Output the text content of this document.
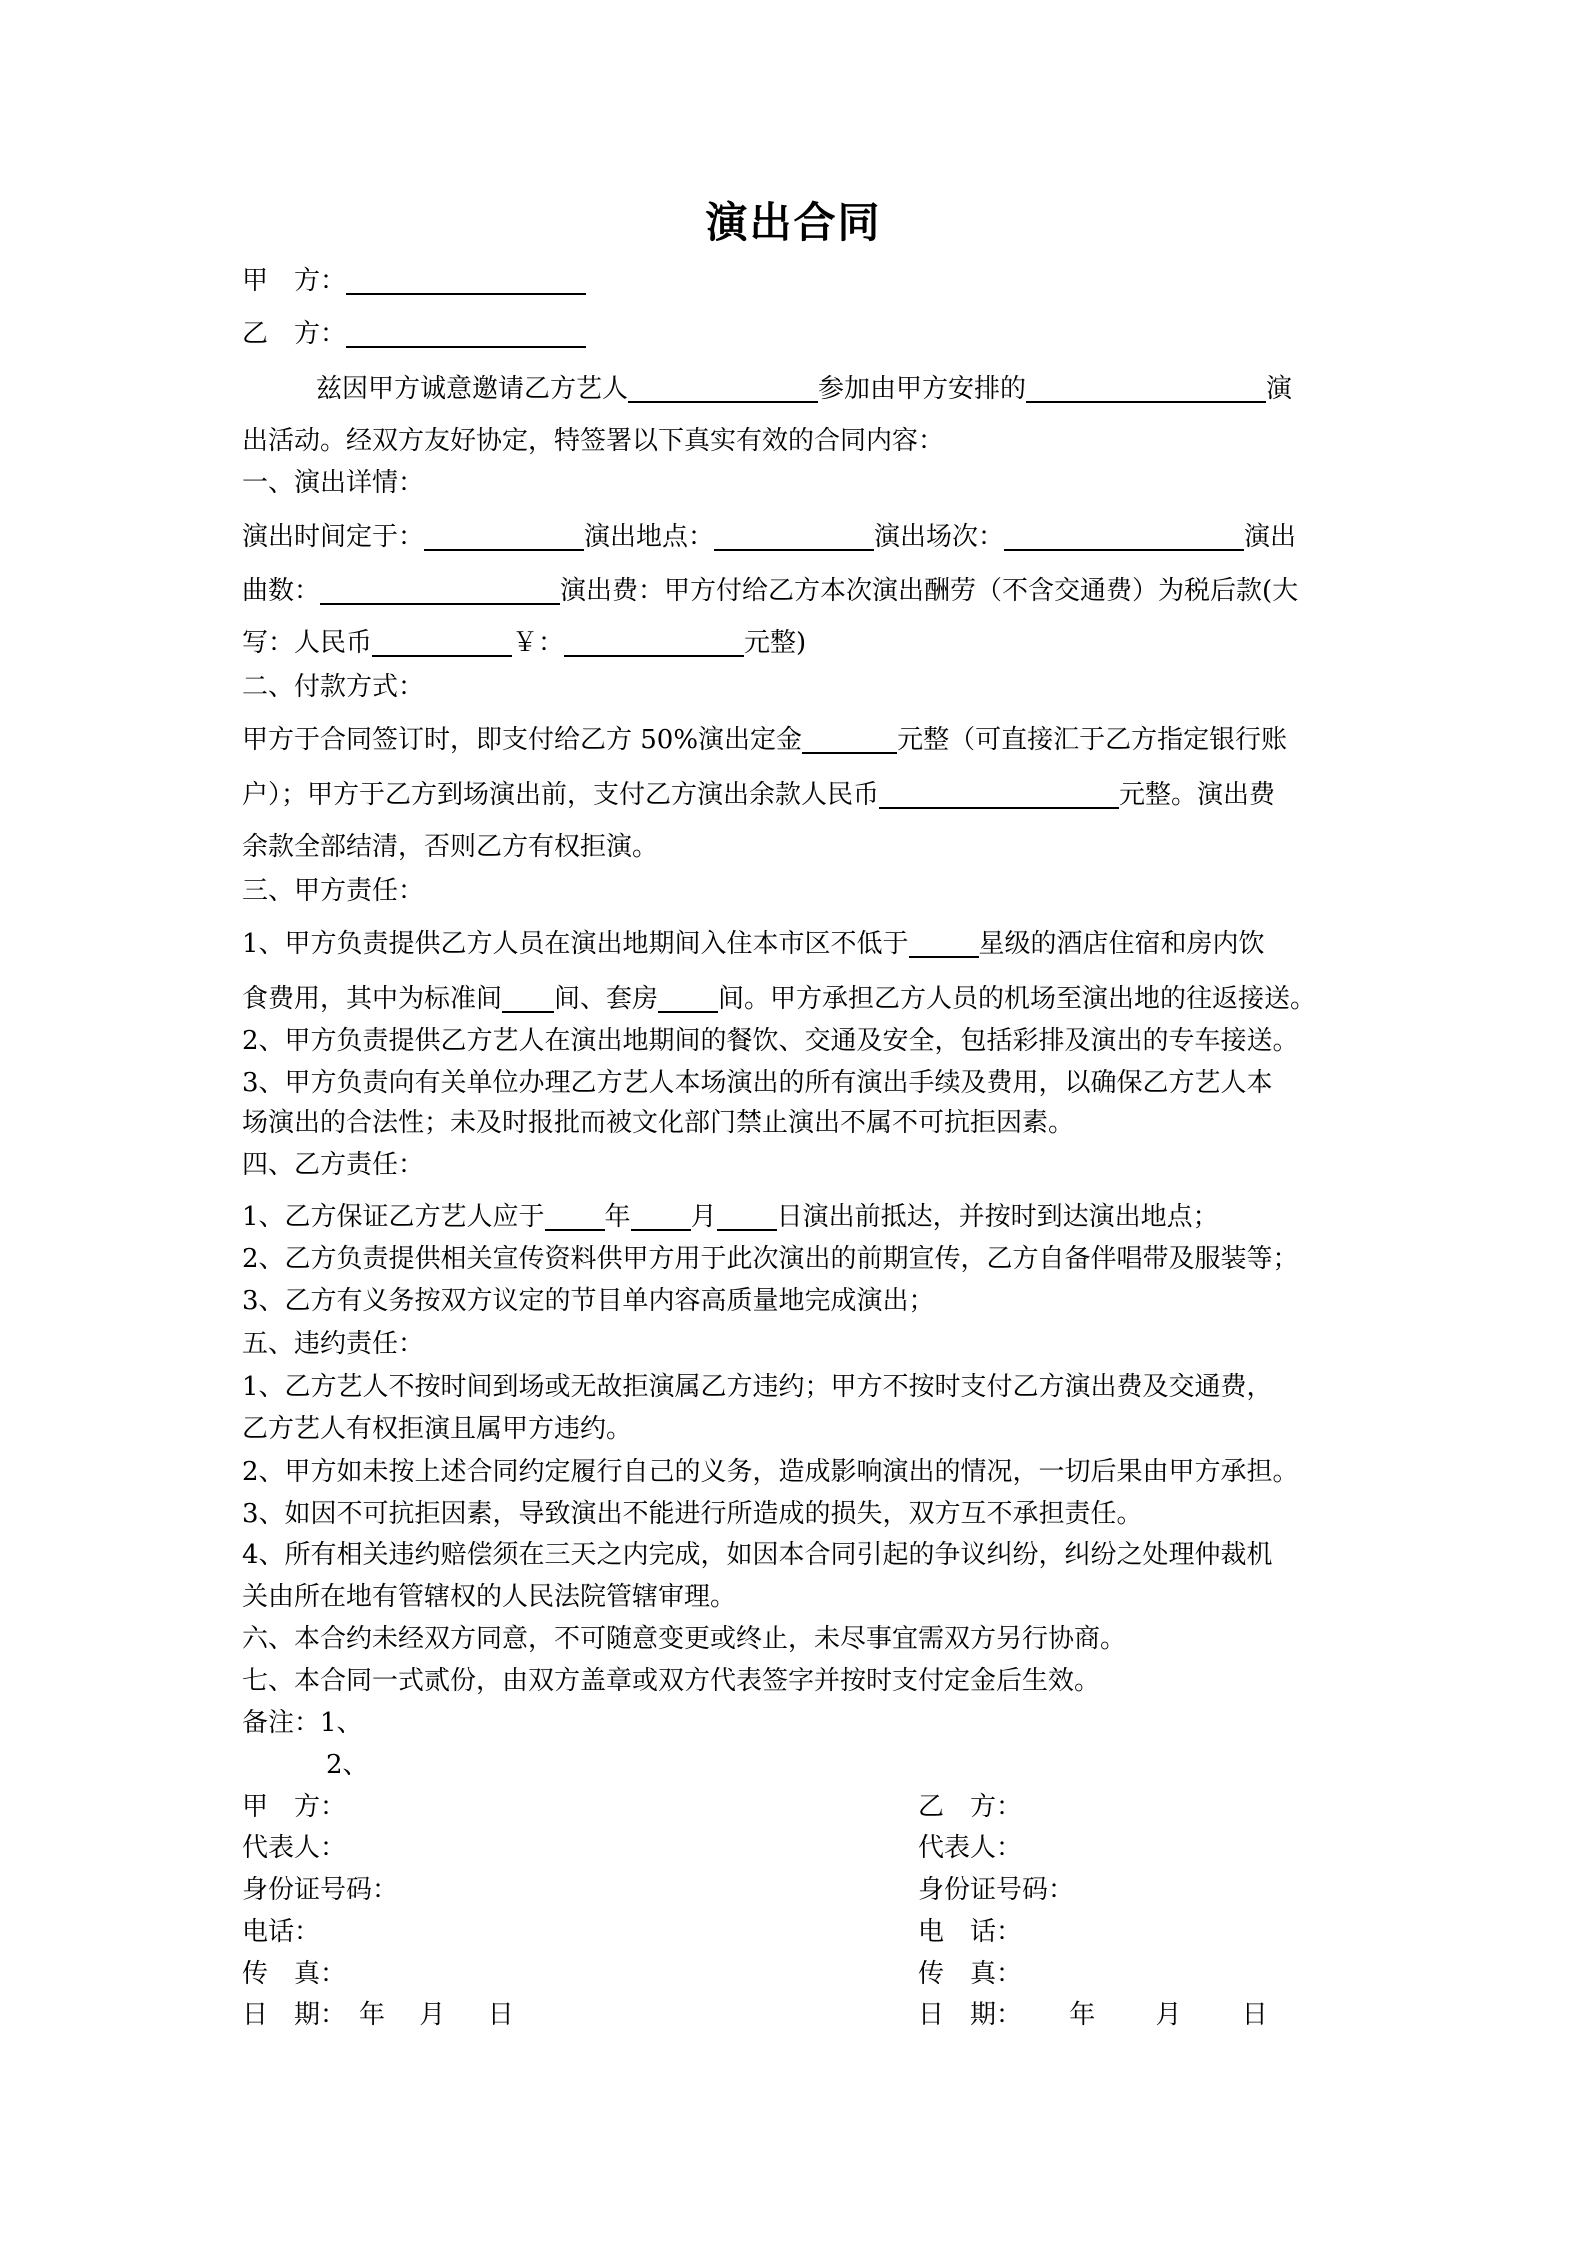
演出合同
甲　方：
乙　方：
兹因甲方诚意邀请乙方艺人	参加由甲方安排的	演
出活动。经双方友好协定，特签署以下真实有效的合同内容：
一、演出详情：
演出时间定于：	演出地点：	演出场次：	演出
曲数：	演出费：甲方付给乙方本次演出酬劳（不含交通费）为税后款(大
写：人民币	￥：	元整)
二、付款方式：
甲方于合同签订时，即支付给乙方 50%演出定金	元整（可直接汇于乙方指定银行账
户）；甲方于乙方到场演出前，支付乙方演出余款人民币	元整。演出费
余款全部结清，否则乙方有权拒演。
三、甲方责任：
1、甲方负责提供乙方人员在演出地期间入住本市区不低于	星级的酒店住宿和房内饮
食费用，其中为标准间 间、套房 间。甲方承担乙方人员的机场至演出地的往返接送。
2、甲方负责提供乙方艺人在演出地期间的餐饮、交通及安全，包括彩排及演出的专车接送。
3、甲方负责向有关单位办理乙方艺人本场演出的所有演出手续及费用，以确保乙方艺人本
场演出的合法性；未及时报批而被文化部门禁止演出不属不可抗拒因素。
四、乙方责任：
1、乙方保证乙方艺人应于 年 月 日演出前抵达，并按时到达演出地点；
2、乙方负责提供相关宣传资料供甲方用于此次演出的前期宣传，乙方自备伴唱带及服装等；
3、乙方有义务按双方议定的节目单内容高质量地完成演出；
五、违约责任：
1、乙方艺人不按时间到场或无故拒演属乙方违约；甲方不按时支付乙方演出费及交通费，
乙方艺人有权拒演且属甲方违约。
2、甲方如未按上述合同约定履行自己的义务，造成影响演出的情况，一切后果由甲方承担。
3、如因不可抗拒因素，导致演出不能进行所造成的损失，双方互不承担责任。
4、所有相关违约赔偿须在三天之内完成，如因本合同引起的争议纠纷，纠纷之处理仲裁机
关由所在地有管辖权的人民法院管辖审理。
六、本合约未经双方同意，不可随意变更或终止，未尽事宜需双方另行协商。
七、本合同一式贰份，由双方盖章或双方代表签字并按时支付定金后生效。
备注：1、
2、
甲　方：	乙　方：
代表人：	代表人：
身份证号码：	身份证号码：
电话：	电　话：
传　真：	传　真：
日　期：　年　 月 　 日	日　期：　　 年 　　月 　　日
